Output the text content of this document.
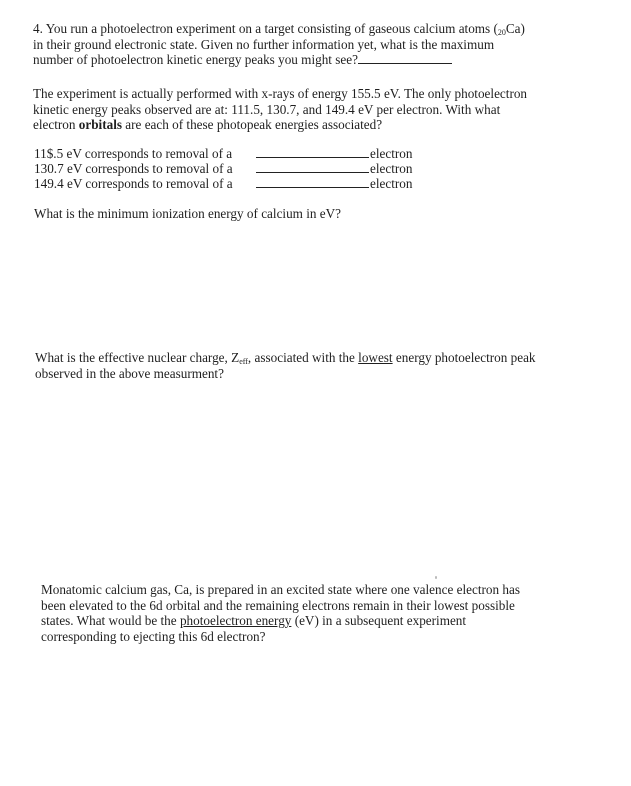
4. You run a photoelectron experiment on a target consisting of gaseous calcium atoms $(_{20}Ca)$
in their ground electronic state. Given no further information yet, what is the maximum
number of photoelectron kinetic energy peaks you might see?
The experiment is actually performed with x-rays of energy 155.5 eV. The only photoelectron
kinetic energy peaks observed are at: 111.5, 130.7, and 149.4 eV per electron. With what
electron orbitals are each of these photopeak energies associated?
11$.5 eV corresponds to removal of a	electron
130.7 eV corresponds to removal of a	electron
149.4 eV corresponds to removal of a	electron
What is the minimum ionization energy of calcium in eV?
What is the effective nuclear charge, $Z_{eff}$, associated with the lowest energy photoelectron peak
observed in the above measurment?
Monatomic calcium gas, Ca, is prepared in an excited state where one valence electron has
been elevated to the 6d orbital and the remaining electrons remain in their lowest possible
states. What would be the photoelectron energy (eV) in a subsequent experiment
corresponding to ejecting this 6d electron?
